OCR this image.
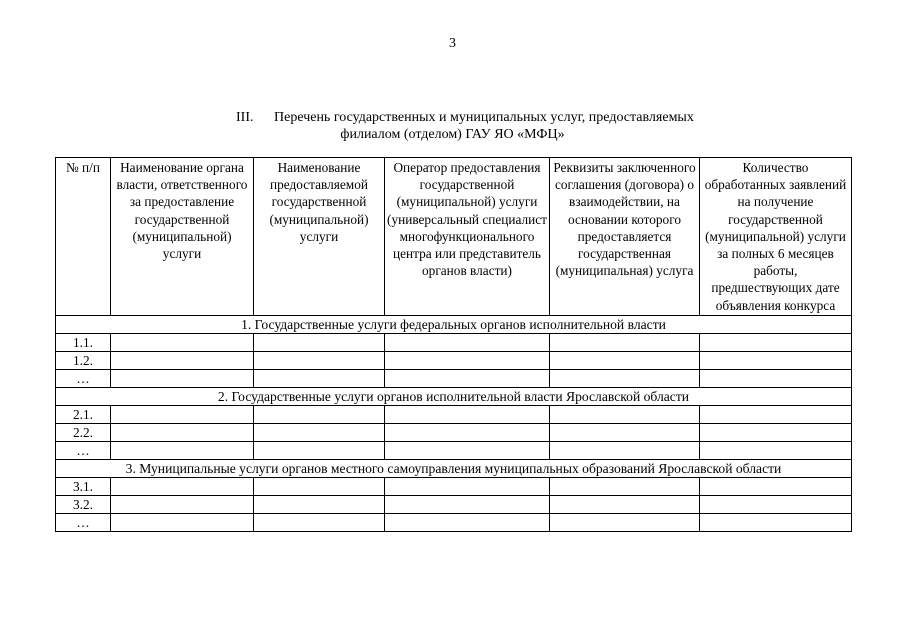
3
III. Перечень государственных и муниципальных услуг, предоставляемых
филиалом (отделом) ГАУ ЯО «МФЦ»
№ п/п	Наименование органа власти, ответственного за предоставление государственной (муниципальной) услуги	Наименование предоставляемой государственной (муниципальной) услуги	Оператор предоставления государственной (муниципальной) услуги (универсальный специалист многофункционального центра или представитель органов власти)	Реквизиты заключенного соглашения (договора) о взаимодействии, на основании которого предоставляется государственная (муниципальная) услуга	Количество обработанных заявлений на получение государственной (муниципальной) услуги за полных 6 месяцев работы, предшествующих дате объявления конкурса
1. Государственные услуги федеральных органов исполнительной власти					
1.1.					
1.2.					
…					
2. Государственные услуги органов исполнительной власти Ярославской области					
2.1.					
2.2.					
…					
3. Муниципальные услуги органов местного самоуправления муниципальных образований Ярославской области					
3.1.					
3.2.					
…					
